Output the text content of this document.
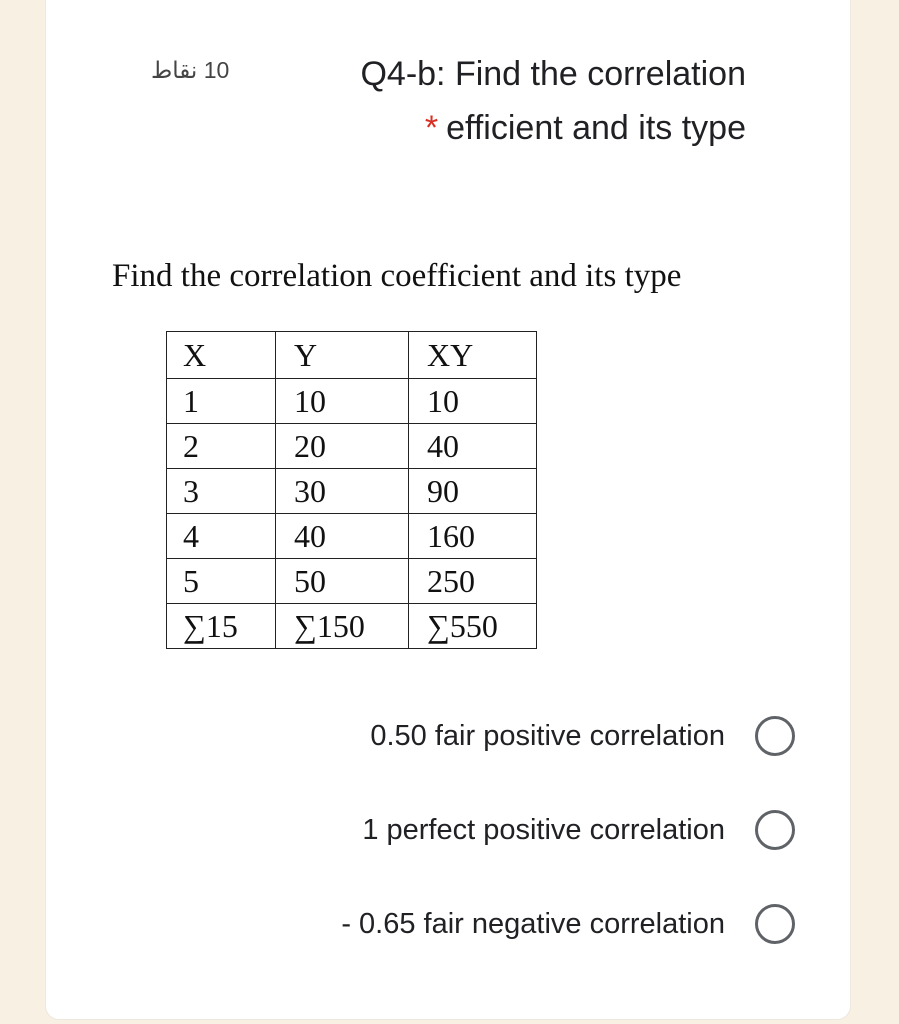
10 نقاط	Q4-b: Find the correlation
* efficient and its type
Find the correlation coefficient and its type
X	Y	XY
1	10	10
2	20	40
3	30	90
4	40	160
5	50	250
∑15	∑150	∑550
0.50 fair positive correlation
1 perfect positive correlation
- 0.65 fair negative correlation
